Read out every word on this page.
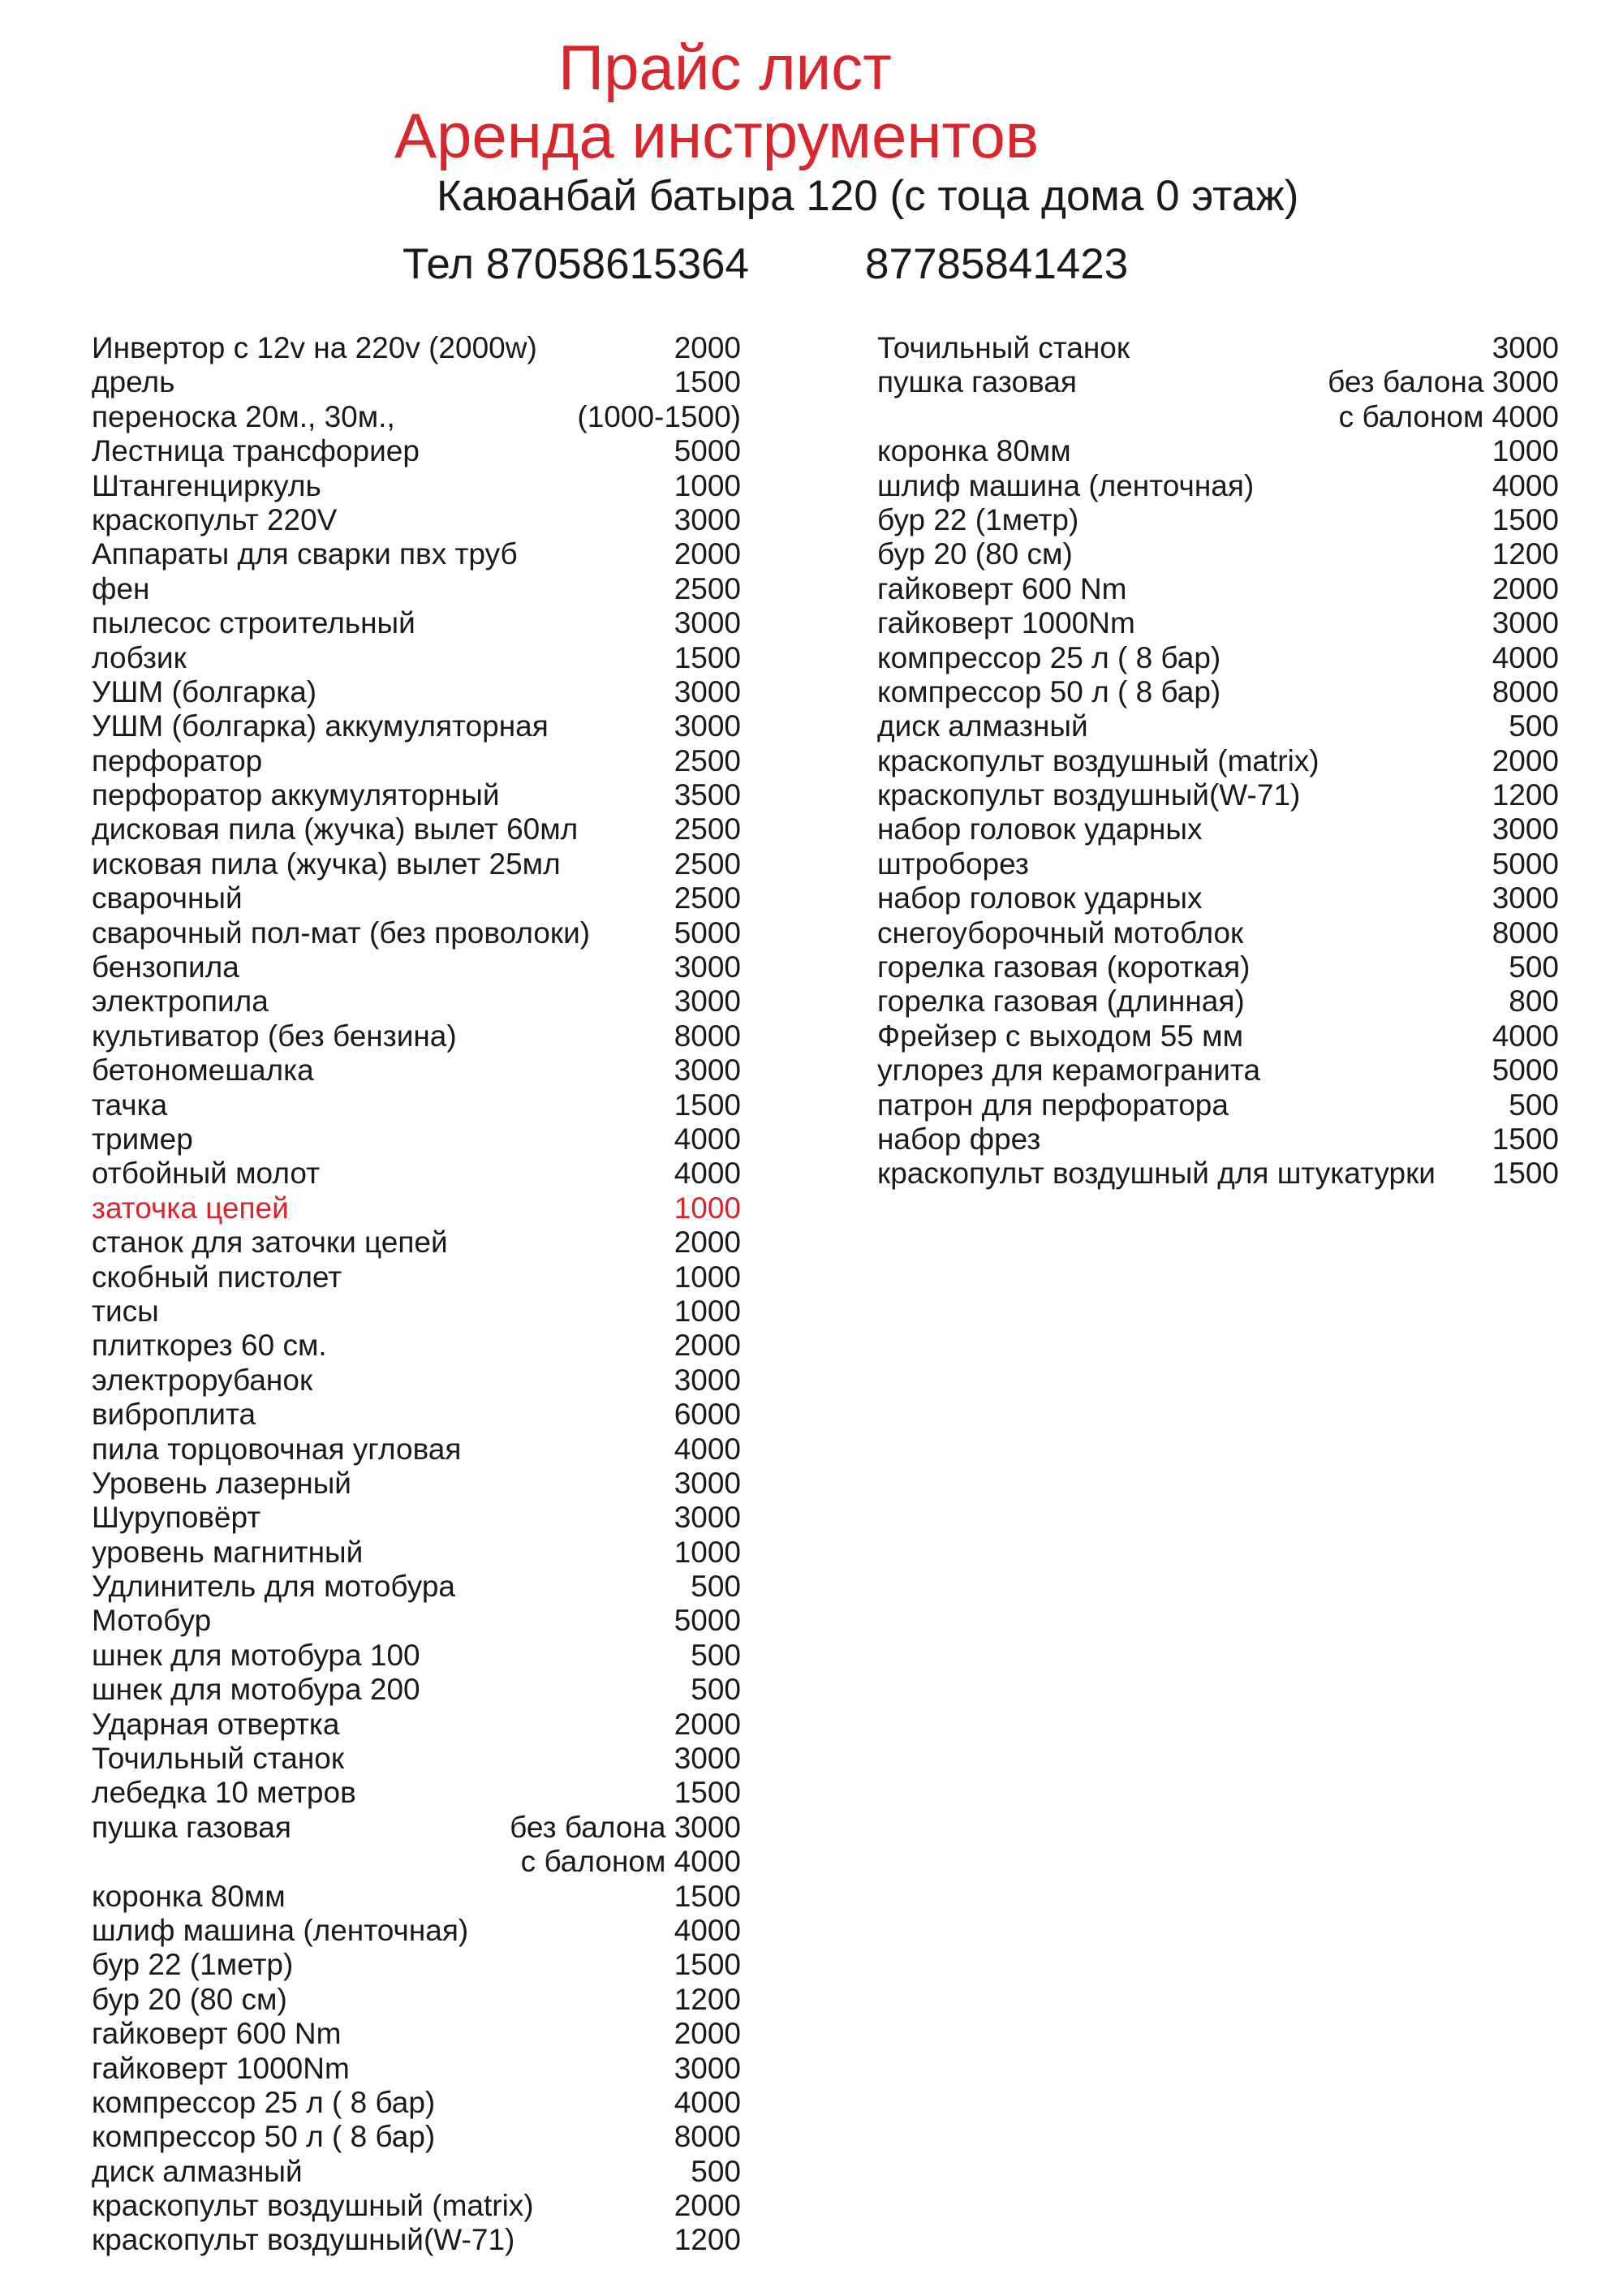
Прайс лист
Аренда инструментов
Каюанбай батыра 120 (с тоца дома 0 этаж)
Тел 87058615364	87785841423
Инвертор с 12v на 220v (2000w)	2000
дрель	1500
переноска 20м., 30м.,	(1000-1500)
Лестница трансфориер	5000
Штангенциркуль	1000
краскопульт 220V	3000
Аппараты для сварки пвх труб	2000
фен	2500
пылесос строительный	3000
лобзик	1500
УШМ (болгарка)	3000
УШМ (болгарка) аккумуляторная	3000
перфоратор	2500
перфоратор аккумуляторный	3500
дисковая пила (жучка) вылет 60мл	2500
исковая пила (жучка) вылет 25мл	2500
сварочный	2500
сварочный пол-мат (без проволоки)	5000
бензопила	3000
электропила	3000
культиватор (без бензина)	8000
бетономешалка	3000
тачка	1500
тример	4000
отбойный молот	4000
заточка цепей	1000
станок для заточки цепей	2000
скобный пистолет	1000
тисы	1000
плиткорез 60 см.	2000
электрорубанок	3000
виброплита	6000
пила торцовочная угловая	4000
Уровень лазерный	3000
Шуруповёрт	3000
уровень магнитный	1000
Удлинитель для мотобура	500
Мотобур	5000
шнек для мотобура 100	500
шнек для мотобура 200	500
Ударная отвертка	2000
Точильный станок	3000
лебедка 10 метров	1500
пушка газовая	без балона 3000
с балоном 4000
коронка 80мм	1500
шлиф машина (ленточная)	4000
бур 22 (1метр)	1500
бур 20 (80 см)	1200
гайковерт 600 Nm	2000
гайковерт 1000Nm	3000
компрессор 25 л ( 8 бар)	4000
компрессор 50 л ( 8 бар)	8000
диск алмазный	500
краскопульт воздушный (matrix)	2000
краскопульт воздушный(W-71)	1200
Точильный станок	3000
пушка газовая	без балона 3000
с балоном 4000
коронка 80мм	1000
шлиф машина (ленточная)	4000
бур 22 (1метр)	1500
бур 20 (80 см)	1200
гайковерт 600 Nm	2000
гайковерт 1000Nm	3000
компрессор 25 л ( 8 бар)	4000
компрессор 50 л ( 8 бар)	8000
диск алмазный	500
краскопульт воздушный (matrix)	2000
краскопульт воздушный(W-71)	1200
набор головок ударных	3000
штроборез	5000
набор головок ударных	3000
снегоуборочный мотоблок	8000
горелка газовая (короткая)	500
горелка газовая (длинная)	800
Фрейзер с выходом 55 мм	4000
углорез для керамогранита	5000
патрон для перфоратора	500
набор фрез	1500
краскопульт воздушный для штукатурки 1500
